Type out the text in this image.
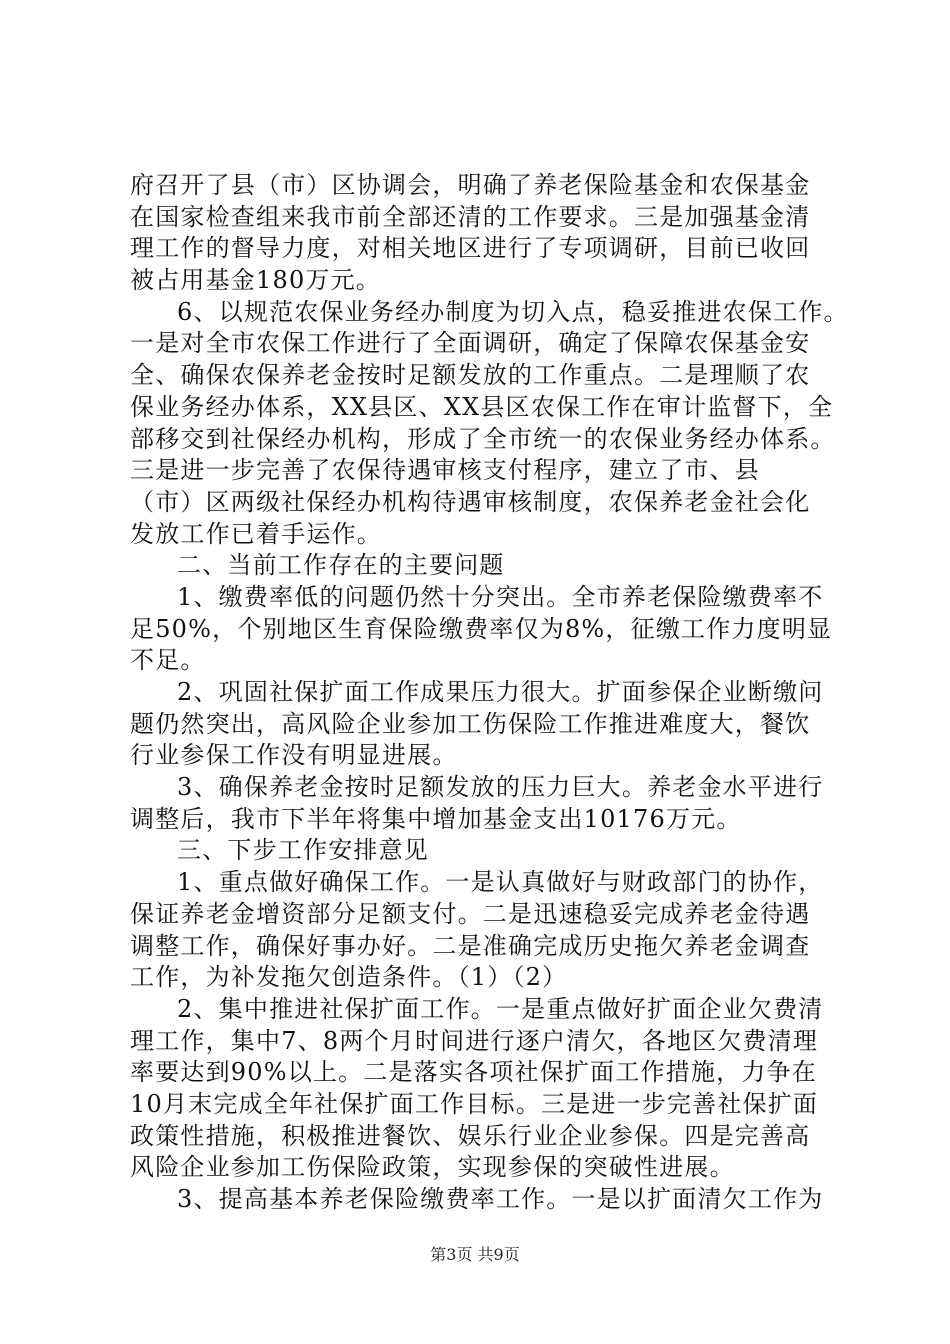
府召开了县（市）区协调会，明确了养老保险基金和农保基金
在国家检查组来我市前全部还清的工作要求。三是加强基金清
理工作的督导力度，对相关地区进行了专项调研，目前已收回
被占用基金180万元。
6、以规范农保业务经办制度为切入点，稳妥推进农保工作。
一是对全市农保工作进行了全面调研，确定了保障农保基金安
全、确保农保养老金按时足额发放的工作重点。二是理顺了农
保业务经办体系，XX县区、XX县区农保工作在审计监督下，全
部移交到社保经办机构，形成了全市统一的农保业务经办体系。
三是进一步完善了农保待遇审核支付程序，建立了市、县
（市）区两级社保经办机构待遇审核制度，农保养老金社会化
发放工作已着手运作。
二、当前工作存在的主要问题
1、缴费率低的问题仍然十分突出。全市养老保险缴费率不
足50%，个别地区生育保险缴费率仅为8%，征缴工作力度明显
不足。
2、巩固社保扩面工作成果压力很大。扩面参保企业断缴问
题仍然突出，高风险企业参加工伤保险工作推进难度大，餐饮
行业参保工作没有明显进展。
3、确保养老金按时足额发放的压力巨大。养老金水平进行
调整后，我市下半年将集中增加基金支出10176万元。
三、下步工作安排意见
1、重点做好确保工作。一是认真做好与财政部门的协作，
保证养老金增资部分足额支付。二是迅速稳妥完成养老金待遇
调整工作，确保好事办好。二是准确完成历史拖欠养老金调查
工作，为补发拖欠创造条件。（1）（2）
2、集中推进社保扩面工作。一是重点做好扩面企业欠费清
理工作，集中7、8两个月时间进行逐户清欠，各地区欠费清理
率要达到90%以上。二是落实各项社保扩面工作措施，力争在
10月末完成全年社保扩面工作目标。三是进一步完善社保扩面
政策性措施，积极推进餐饮、娱乐行业企业参保。四是完善高
风险企业参加工伤保险政策，实现参保的突破性进展。
3、提高基本养老保险缴费率工作。一是以扩面清欠工作为
第3页 共9页
